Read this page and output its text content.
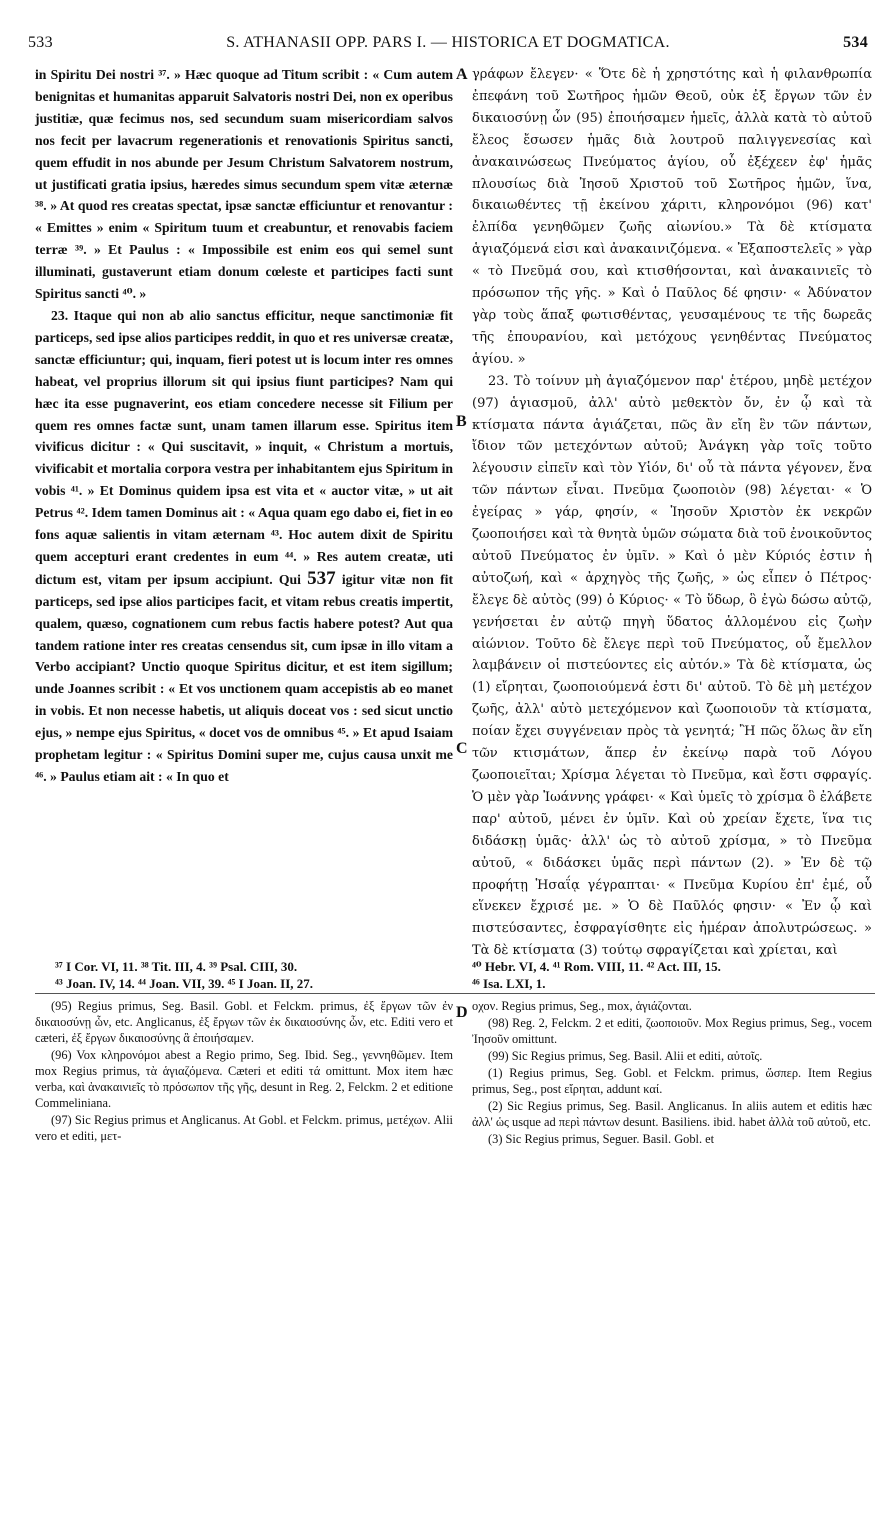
533	S. ATHANASII OPP. PARS I. — HISTORICA ET DOGMATICA.	534
A
B
C
D

in Spiritu Dei nostri ³⁷. » Hæc quoque ad Titum scribit : « Cum autem benignitas et humanitas apparuit Salvatoris nostri Dei, non ex operibus justitiæ, quæ fecimus nos, sed secundum suam misericordiam salvos nos fecit per lavacrum regenerationis et renovationis Spiritus sancti, quem effudit in nos abunde per Jesum Christum Salvatorem nostrum, ut justificati gratia ipsius, hæredes simus secundum spem vitæ æternæ ³⁸. » At quod res creatas spectat, ipsæ sanctæ efficiuntur et renovantur : « Emittes » enim « Spiritum tuum et creabuntur, et renovabis faciem terræ ³⁹. » Et Paulus : « Impossibile est enim eos qui semel sunt illuminati, gustaverunt etiam donum cœleste et participes facti sunt Spiritus sancti ⁴⁰. »

23. Itaque qui non ab alio sanctus efficitur, neque sanctimoniæ fit particeps, sed ipse alios participes reddit, in quo et res universæ creatæ, sanctæ efficiuntur; qui, inquam, fieri potest ut is locum inter res omnes habeat, vel proprius illorum sit qui ipsius fiunt participes? Nam qui hæc ita esse pugnaverint, eos etiam concedere necesse sit Filium per quem res omnes factæ sunt, unam tamen illarum esse. Spiritus item vivificus dicitur : « Qui suscitavit, » inquit, « Christum a mortuis, vivificabit et mortalia corpora vestra per inhabitantem ejus Spiritum in vobis ⁴¹. » Et Dominus quidem ipsa est vita et « auctor vitæ, » ut ait Petrus ⁴². Idem tamen Dominus ait : « Aqua quam ego dabo ei, fiet in eo fons aquæ salientis in vitam æternam ⁴³. Hoc autem dixit de Spiritu quem accepturi erant credentes in eum ⁴⁴. » Res autem creatæ, uti dictum est, vitam per ipsum accipiunt. Qui 537 igitur vitæ non fit particeps, sed ipse alios participes facit, et vitam rebus creatis impertit, qualem, quæso, cognationem cum rebus factis habere potest? Aut qua tandem ratione inter res creatas censendus sit, cum ipsæ in illo vitam a Verbo accipiant? Unctio quoque Spiritus dicitur, et est item sigillum; unde Joannes scribit : « Et vos unctionem quam accepistis ab eo manet in vobis. Et non necesse habetis, ut aliquis doceat vos : sed sicut unctio ejus, » nempe ejus Spiritus, « docet vos de omnibus ⁴⁵. » Et apud Isaiam prophetam legitur : « Spiritus Domini super me, cujus causa unxit me ⁴⁶. » Paulus etiam ait : « In quo et

γράφων ἔλεγεν· « Ὅτε δὲ ἡ χρηστότης καὶ ἡ φιλανθρωπία ἐπεφάνη τοῦ Σωτῆρος ἡμῶν Θεοῦ, οὐκ ἐξ ἔργων τῶν ἐν δικαιοσύνῃ ὧν (95) ἐποιήσαμεν ἡμεῖς, ἀλλὰ κατὰ τὸ αὐτοῦ ἔλεος ἔσωσεν ἡμᾶς διὰ λουτροῦ παλιγγενεσίας καὶ ἀνακαινώσεως Πνεύματος ἁγίου, οὗ ἐξέχεεν ἐφ' ἡμᾶς πλουσίως διὰ Ἰησοῦ Χριστοῦ τοῦ Σωτῆρος ἡμῶν, ἵνα, δικαιωθέντες τῇ ἐκείνου χάριτι, κληρονόμοι (96) κατ' ἐλπίδα γενηθῶμεν ζωῆς αἰωνίου.» Τὰ δὲ κτίσματα ἁγιαζόμενά εἰσι καὶ ἀνακαινιζόμενα. « Ἐξαποστελεῖς » γὰρ « τὸ Πνεῦμά σου, καὶ κτισθήσονται, καὶ ἀνακαινιεῖς τὸ πρόσωπον τῆς γῆς. » Καὶ ὁ Παῦλος δέ φησιν· « Ἀδύνατον γὰρ τοὺς ἅπαξ φωτισθέντας, γευσαμένους τε τῆς δωρεᾶς τῆς ἐπουρανίου, καὶ μετόχους γενηθέντας Πνεύματος ἁγίου. »

23. Τὸ τοίνυν μὴ ἁγιαζόμενον παρ' ἑτέρου, μηδὲ μετέχον (97) ἁγιασμοῦ, ἀλλ' αὐτὸ μεθεκτὸν ὄν, ἐν ᾧ καὶ τὰ κτίσματα πάντα ἁγιάζεται, πῶς ἂν εἴη ἓν τῶν πάντων, ἴδιον τῶν μετεχόντων αὐτοῦ; Ἀνάγκη γὰρ τοῖς τοῦτο λέγουσιν εἰπεῖν καὶ τὸν Υἱόν, δι' οὗ τὰ πάντα γέγονεν, ἕνα τῶν πάντων εἶναι. Πνεῦμα ζωοποιὸν (98) λέγεται· « Ὁ ἐγείρας » γάρ, φησίν, « Ἰησοῦν Χριστὸν ἐκ νεκρῶν ζωοποιήσει καὶ τὰ θνητὰ ὑμῶν σώματα διὰ τοῦ ἐνοικοῦντος αὐτοῦ Πνεύματος ἐν ὑμῖν. » Καὶ ὁ μὲν Κύριός ἐστιν ἡ αὐτοζωή, καὶ « ἀρχηγὸς τῆς ζωῆς, » ὡς εἶπεν ὁ Πέτρος· ἔλεγε δὲ αὐτὸς (99) ὁ Κύριος· « Τὸ ὕδωρ, ὃ ἐγὼ δώσω αὐτῷ, γενήσεται ἐν αὐτῷ πηγὴ ὕδατος ἁλλομένου εἰς ζωὴν αἰώνιον. Τοῦτο δὲ ἔλεγε περὶ τοῦ Πνεύματος, οὗ ἔμελλον λαμβάνειν οἱ πιστεύοντες εἰς αὐτόν.» Τὰ δὲ κτίσματα, ὡς (1) εἴρηται, ζωοποιούμενά ἐστι δι' αὐτοῦ. Τὸ δὲ μὴ μετέχον ζωῆς, ἀλλ' αὐτὸ μετεχόμενον καὶ ζωοποιοῦν τὰ κτίσματα, ποίαν ἔχει συγγένειαν πρὸς τὰ γενητά; Ἢ πῶς ὅλως ἂν εἴη τῶν κτισμάτων, ἅπερ ἐν ἐκείνῳ παρὰ τοῦ Λόγου ζωοποιεῖται; Χρίσμα λέγεται τὸ Πνεῦμα, καὶ ἔστι σφραγίς. Ὁ μὲν γὰρ Ἰωάννης γράφει· « Καὶ ὑμεῖς τὸ χρίσμα ὃ ἐλάβετε παρ' αὐτοῦ, μένει ἐν ὑμῖν. Καὶ οὐ χρείαν ἔχετε, ἵνα τις διδάσκῃ ὑμᾶς· ἀλλ' ὡς τὸ αὐτοῦ χρίσμα, » τὸ Πνεῦμα αὐτοῦ, « διδάσκει ὑμᾶς περὶ πάντων (2). » Ἐν δὲ τῷ προφήτῃ Ἡσαΐᾳ γέγραπται· « Πνεῦμα Κυρίου ἐπ' ἐμέ, οὗ εἵνεκεν ἔχρισέ με. » Ὁ δὲ Παῦλός φησιν· « Ἐν ᾧ καὶ πιστεύσαντες, ἐσφραγίσθητε εἰς ἡμέραν ἀπολυτρώσεως. » Τὰ δὲ κτίσματα (3) τούτῳ σφραγίζεται καὶ χρίεται, καὶ

³⁷ I Cor. VI, 11. ³⁸ Tit. III, 4. ³⁹ Psal. CIII, 30.
⁴³ Joan. IV, 14. ⁴⁴ Joan. VII, 39. ⁴⁵ I Joan. II, 27.
⁴⁰ Hebr. VI, 4. ⁴¹ Rom. VIII, 11. ⁴² Act. III, 15.
⁴⁶ Isa. LXI, 1.

(95) Regius primus, Seg. Basil. Gobl. et Felckm. primus, ἐξ ἔργων τῶν ἐν δικαιοσύνῃ ὧν, etc. Anglicanus, ἐξ ἔργων τῶν ἐκ δικαιοσύνης ὧν, etc. Editi vero et cæteri, ἐξ ἔργων δικαιοσύνης ἃ ἐποιήσαμεν.

(96) Vox κληρονόμοι abest a Regio primo, Seg. Ibid. Seg., γεννηθῶμεν. Item mox Regius primus, τὰ ἁγιαζόμενα. Cæteri et editi τά omittunt. Mox item hæc verba, καὶ ἀνακαινιεῖς τὸ πρόσωπον τῆς γῆς, desunt in Reg. 2, Felckm. 2 et editione Commeliniana.

(97) Sic Regius primus et Anglicanus. At Gobl. et Felckm. primus, μετέχων. Alii vero et editi, μετ-

οχον. Regius primus, Seg., mox, ἁγιάζονται.

(98) Reg. 2, Felckm. 2 et editi, ζωοποιοῦν. Mox Regius primus, Seg., vocem Ἰησοῦν omittunt.

(99) Sic Regius primus, Seg. Basil. Alii et editi, αὐτοῖς.

(1) Regius primus, Seg. Gobl. et Felckm. primus, ὥσπερ. Item Regius primus, Seg., post εἴρηται, addunt καί.

(2) Sic Regius primus, Seg. Basil. Anglicanus. In aliis autem et editis hæc ἀλλ' ὡς usque ad περὶ πάντων desunt. Basiliens. ibid. habet ἀλλὰ τοῦ αὐτοῦ, etc.

(3) Sic Regius primus, Seguer. Basil. Gobl. et
